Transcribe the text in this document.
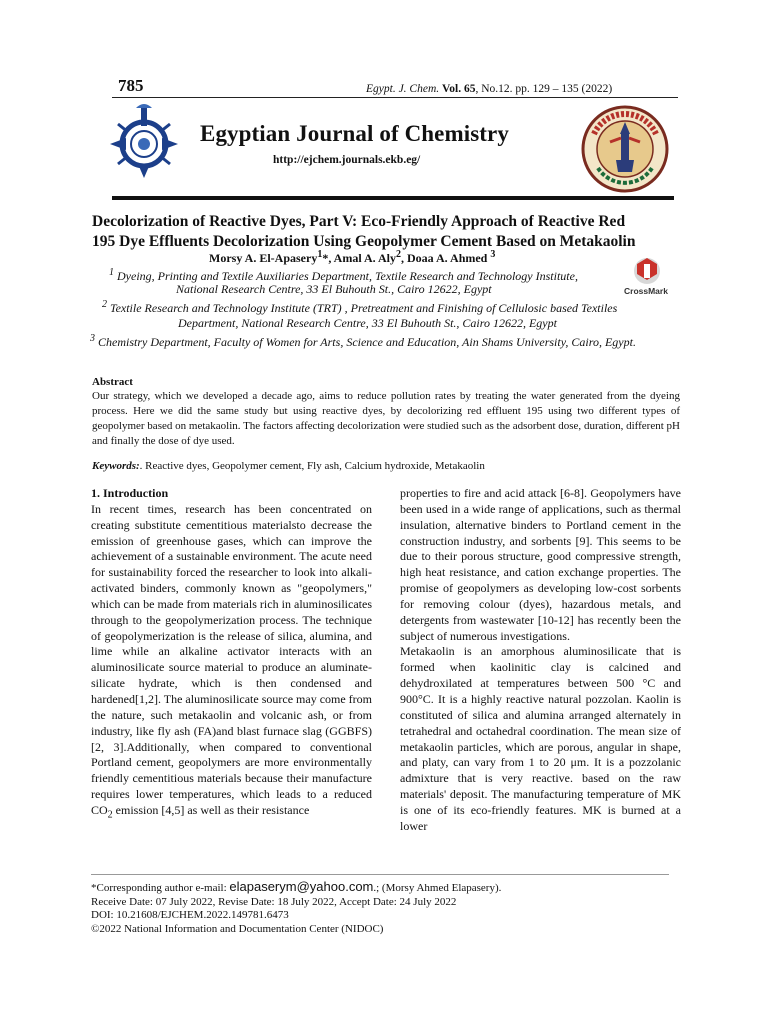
785	Egypt. J. Chem. Vol. 65, No.12. pp. 129 – 135 (2022)
Egyptian Journal of Chemistry
http://ejchem.journals.ekb.eg/
Decolorization of Reactive Dyes, Part V: Eco-Friendly Approach of Reactive Red
195 Dye Effluents Decolorization Using Geopolymer Cement Based on Metakaolin
Morsy A. El-Apasery$^1$*, Amal A. Aly$^2$, Doaa A. Ahmed $^3$
$^1$ Dyeing, Printing and Textile Auxiliaries Department, Textile Research and Technology Institute,
National Research Centre, 33 El Buhouth St., Cairo 12622, Egypt
$^2$ Textile Research and Technology Institute (TRT) , Pretreatment and Finishing of Cellulosic based Textiles
Department, National Research Centre, 33 El Buhouth St., Cairo 12622, Egypt
$^3$ Chemistry Department, Faculty of Women for Arts, Science and Education, Ain Shams University, Cairo, Egypt.
CrossMark
Abstract
Our strategy, which we developed a decade ago, aims to reduce pollution rates by treating the water generated from the dyeing process. Here we did the same study but using reactive dyes, by decolorizing red effluent 195 using two different types of geopolymer based on metakaolin. The factors affecting decolorization were studied such as the adsorbent dose, duration, different pH and finally the dose of dye used.
Keywords:. Reactive dyes, Geopolymer cement, Fly ash, Calcium hydroxide, Metakaolin
1. Introduction

In recent times, research has been concentrated on creating substitute cementitious materialsto decrease the emission of greenhouse gases, which can improve the achievement of a sustainable environment. The acute need for sustainability forced the researcher to look into alkali-activated binders, commonly known as "geopolymers," which can be made from materials rich in aluminosilicates through to the geopolymerization process. The technique of geopolymerization is the release of silica, alumina, and lime while an alkaline activator interacts with an aluminosilicate source material to produce an aluminate-silicate hydrate, which is then condensed and hardened[1,2]. The aluminosilicate source may come from the nature, such metakaolin and volcanic ash, or from industry, like fly ash (FA)and blast furnace slag (GGBFS)[2, 3].Additionally, when compared to conventional Portland cement, geopolymers are more environmentally friendly cementitious materials because their manufacture requires lower temperatures, which leads to a reduced $CO_2$ emission [4,5] as well as their resistance

properties to fire and acid attack [6-8]. Geopolymers have been used in a wide range of applications, such as thermal insulation, alternative binders to Portland cement in the construction industry, and sorbents [9]. This seems to be due to their porous structure, good compressive strength, high heat resistance, and cation exchange properties. The promise of geopolymers as developing low-cost sorbents for removing colour (dyes), hazardous metals, and detergents from wastewater [10-12] has recently been the subject of numerous investigations.

Metakaolin is an amorphous aluminosilicate that is formed when kaolinitic clay is calcined and dehydroxilated at temperatures between 500 °C and 900°C. It is a highly reactive natural pozzolan. Kaolin is constituted of silica and alumina arranged alternately in tetrahedral and octahedral coordination. The mean size of metakaolin particles, which are porous, angular in shape, and platy, can vary from 1 to 20 μm. It is a pozzolanic admixture that is very reactive. based on the raw materials' deposit. The manufacturing temperature of MK is one of its eco-friendly features. MK is burned at a lower

*Corresponding author e-mail: elapaserym@yahoo.com.; (Morsy Ahmed Elapasery).
Receive Date: 07 July 2022, Revise Date: 18 July 2022, Accept Date: 24 July 2022
DOI: 10.21608/EJCHEM.2022.149781.6473
©2022 National Information and Documentation Center (NIDOC)
